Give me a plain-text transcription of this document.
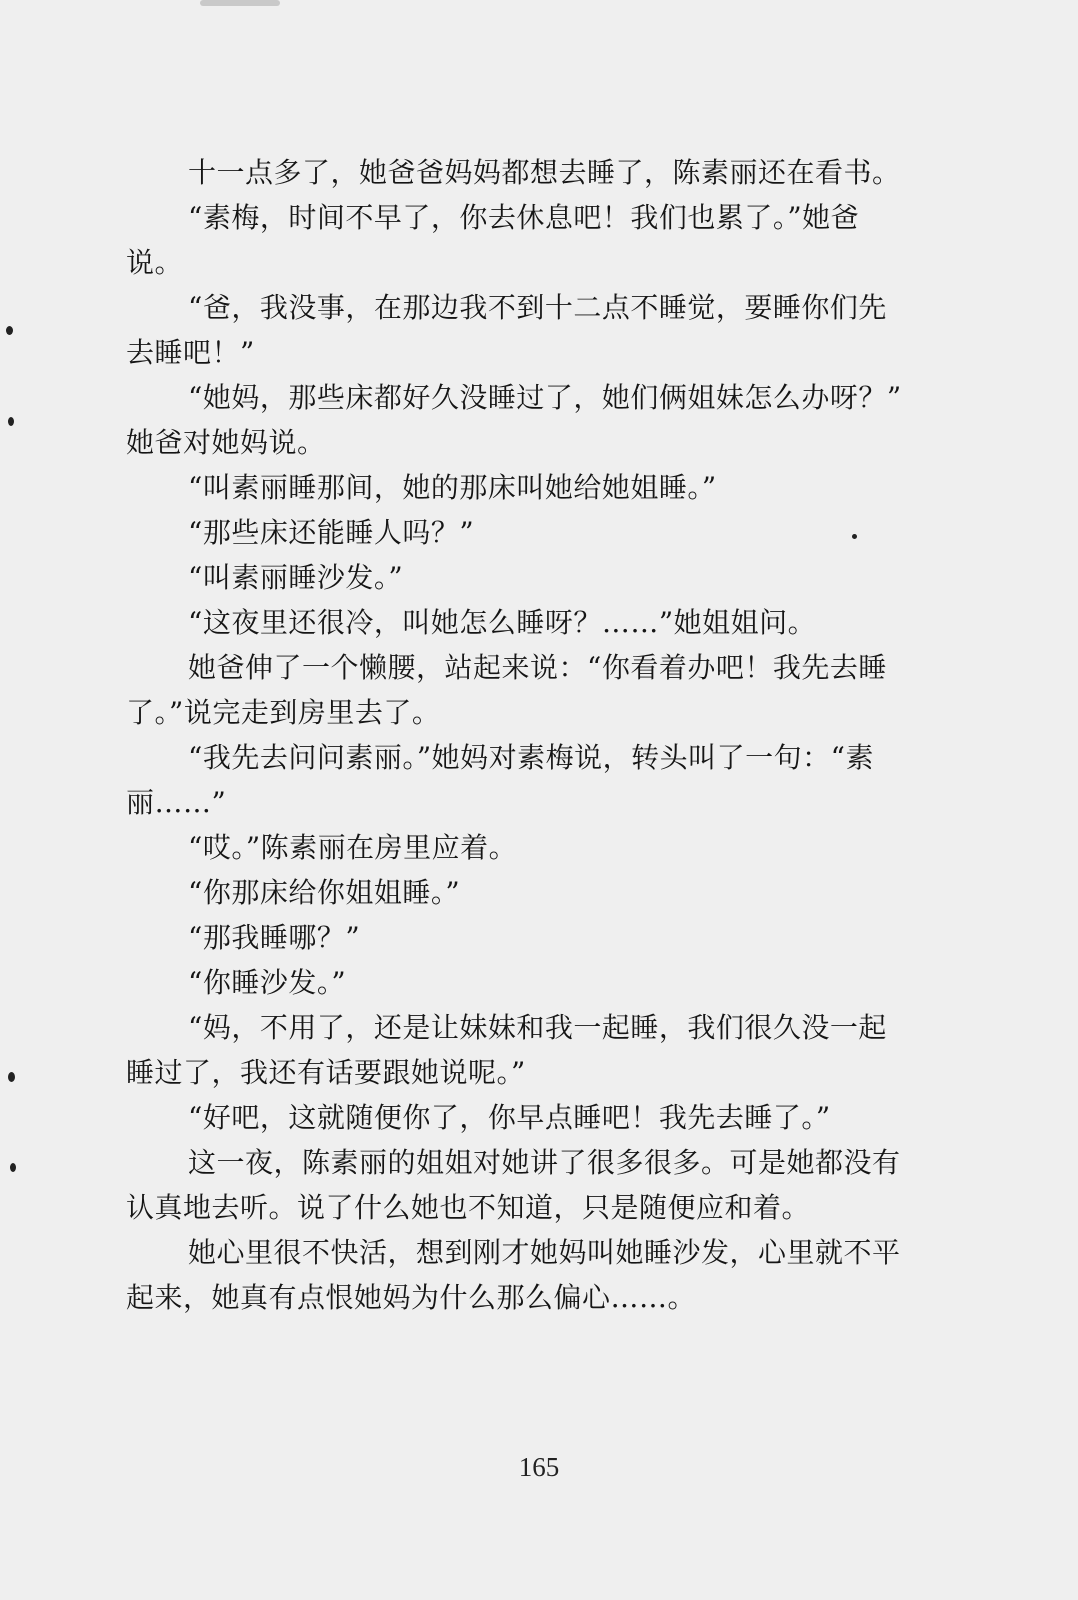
十一点多了，她爸爸妈妈都想去睡了，陈素丽还在看书。
“素梅，时间不早了，你去休息吧！我们也累了。”她爸
说。
“爸，我没事，在那边我不到十二点不睡觉，要睡你们先
去睡吧！”
“她妈，那些床都好久没睡过了，她们俩姐妹怎么办呀？”
她爸对她妈说。
“叫素丽睡那间，她的那床叫她给她姐睡。”
“那些床还能睡人吗？”
“叫素丽睡沙发。”
“这夜里还很冷，叫她怎么睡呀？……”她姐姐问。
她爸伸了一个懒腰，站起来说：“你看着办吧！我先去睡
了。”说完走到房里去了。
“我先去问问素丽。”她妈对素梅说，转头叫了一句：“素
丽……”
“哎。”陈素丽在房里应着。
“你那床给你姐姐睡。”
“那我睡哪？”
“你睡沙发。”
“妈，不用了，还是让妹妹和我一起睡，我们很久没一起
睡过了，我还有话要跟她说呢。”
“好吧，这就随便你了，你早点睡吧！我先去睡了。”
这一夜，陈素丽的姐姐对她讲了很多很多。可是她都没有
认真地去听。说了什么她也不知道，只是随便应和着。
她心里很不快活，想到刚才她妈叫她睡沙发，心里就不平
起来，她真有点恨她妈为什么那么偏心……。
165
